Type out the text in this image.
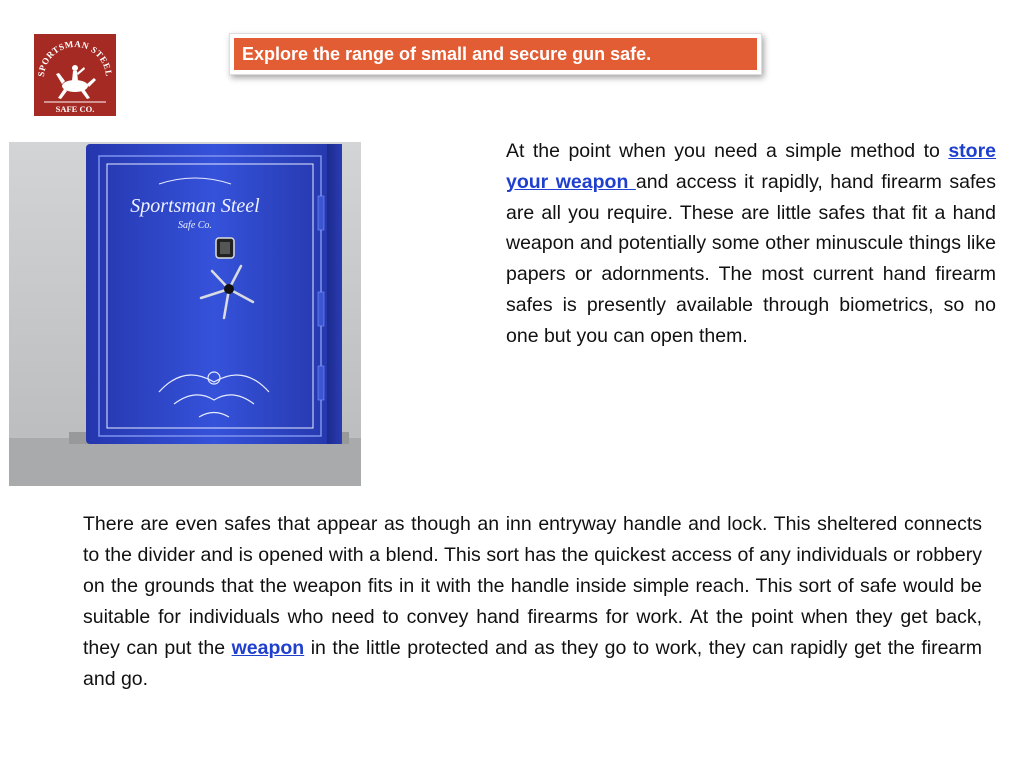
SPORTSMAN STEEL
SAFE CO.
Explore the range of small and secure gun safe.
Sportsman Steel
Safe Co.

At the point when you need a simple method to store your weapon and access it rapidly, hand firearm safes are all you require. These are little safes that fit a hand weapon and potentially some other minuscule things like papers or adornments. The most current hand firearm safes is presently available through biometrics, so no one but you can open them.

There are even safes that appear as though an inn entryway handle and lock. This sheltered connects to the divider and is opened with a blend. This sort has the quickest access of any individuals or robbery on the grounds that the weapon fits in it with the handle inside simple reach. This sort of safe would be suitable for individuals who need to convey hand firearms for work. At the point when they get back, they can put the weapon in the little protected and as they go to work, they can rapidly get the firearm and go.
